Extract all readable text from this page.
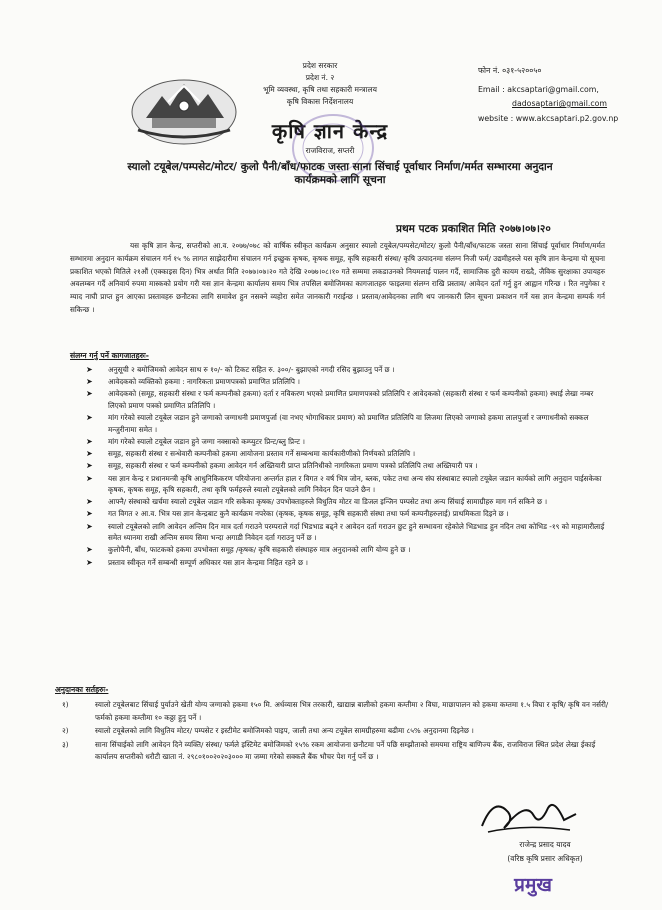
प्रदेश सरकार
प्रदेश नं. २
भूमि व्यवस्था, कृषि तथा सहकारी मन्त्रालय
कृषि विकास निर्देशनालय
कृषि ज्ञान केन्द्र
राजविराज, सप्तरी
फोन नं. ०३१-५२००५०
Email : akcsaptari@gmail.com,
dadosaptari@gmail.com
website : www.akcsaptari.p2.gov.np
स्यालो टयूबेल/पम्पसेट/मोटर/ कुलो पैनी/बाँध/फाटक जस्ता साना सिंचाई पूर्वाधार निर्माण/मर्मत सम्भारमा अनुदान
कार्यक्रमको लागि सूचना
प्रथम पटक प्रकाशित मिति २०७७।०७।२०
यस कृषि ज्ञान केन्द्र, सप्तरीको आ.व. २०७७/०७८ को वार्षिक स्वीकृत कार्यक्रम अनुसार स्यालो टयूबेल/पम्पसेट/मोटर/ कुलो पैनी/बाँध/फाटक जस्ता साना सिंचाई पूर्वाधार निर्माण/मर्मत सम्भारमा अनुदान कार्यक्रम संचालन गर्न १५ % लागत साझेदारीमा संचालन गर्न इच्छुक कृषक, कृषक समूह, कृषि सहकारी संस्था/ कृषि उत्पादनमा संलग्न निजी फर्म/ उद्यमीहरुले यस कृषि ज्ञान केन्द्रमा यो सूचना प्रकाशित भएको मितिले २१औं (एक्काइस दिन) भित्र अर्थात मिति २०७७।०७।२० गते देखि २०७७।०८।१० गते सम्ममा लकडाउनको नियमलाई पालन गर्दै, सामाजिक दुरी कायम राख्दै, जैविक सुरक्षाका उपायहरु अवलम्बन गर्दै अनिवार्य रुपमा मास्कको प्रयोग गरी यस ज्ञान केन्द्रमा कार्यालय समय भित्र तपसिल बमोजिमका कागजातहरु फाइलमा संलग्न राखि प्रस्ताव/ आवेदन दर्ता गर्नु हुन आह्वान गरिन्छ । रित नपुगेका र म्याद नाघी प्राप्त हुन आएका प्रस्तावहरु छनौटका लागि समावेश हुन नसक्ने व्यहोरा समेत जानकारी गराईन्छ । प्रस्ताव/आवेदनका लागि थप जानकारी लिन सूचना प्रकाशन गर्ने यस ज्ञान केन्द्रमा सम्पर्क गर्न सकिन्छ ।
संलग्न गर्नु पर्ने कागजातहरुः-
➤ अनुसूची २ बमोजिमको आवेदन साथ रु १०/- को टिकट सहित रु. ३००/- बुझाएको नगदी रसिद बुझाउनु पर्ने छ ।
➤ आवेदकको व्यक्तिको हकमा : नागरिकता प्रमाणपत्रको प्रमाणित प्रतिलिपि ।
➤ आवेदकको (समूह, सहकारी संस्था र फर्म कम्पनीको हकमा) दर्ता र नविकरण भएको प्रमाणित प्रमाणपत्रको प्रतिलिपि र आवेदकको (सहकारी संस्था र फर्म कम्पनीको हकमा) स्थाई लेखा नम्बर लिएको प्रमाण पत्रको प्रमाणित प्रतिलिपि ।
➤ मांग गरेको स्यालो टयूबेल जडान हुने जग्गाको जग्गाधनी प्रमाणपुर्जा (वा नभए भोगाधिकार प्रमाण) को प्रमाणित प्रतिलिपि वा लिजमा लिएको जग्गाको हकमा लालपुर्जा र जग्गाधनीको सक्कल मन्जुरीनामा समेत ।
➤ मांग गरेको स्यालो टयूबेल जडान हुने जग्गा नक्साको कम्प्युटर प्रिन्ट/ब्लु प्रिन्ट ।
➤ समूह, सहकारी संस्था र सन्धेवारी कम्पनीको हकमा आयोजना प्रस्ताव गर्ने सम्बन्धमा कार्यकारीणीको निर्णयको प्रतिलिपि ।
➤ समूह, सहकारी संस्था र फर्म कम्पनीको हकमा आवेदन गर्न अख्तियारी प्राप्त प्रतिनिधीको नागरिकता प्रमाण पत्रको प्रतिलिपि तथा अख्तियारी पत्र ।
➤ यस ज्ञान केन्द्र र प्रधानमन्त्री कृषि आधुनिकिकरण परियोजना अन्तर्गत हाल र विगत २ वर्ष भित्र जोन, ब्लक, पकेट तथा अन्य संघ संस्थाबाट स्यालो टयूबेल जडान कार्यको लागि अनुदान पाईसकेका कृषक, कृषक समूह, कृषि सहकारी, तथा कृषि फर्महरुले स्यालो टयूबेलको लागि निवेदन दिन पाउने छैन ।
➤ आफ्नै/ संस्थाको खर्चमा स्यालो टयूबेल जडान गरि सकेका कृषक/ उपभोक्ताहरुले विधुतिय मोटर वा डिजल इन्जिन पम्पसेट तथा अन्य सिंचाई सामाग्रीहरु माग गर्न सकिने छ ।
➤ गत विगत २ आ.व. भित्र यस ज्ञान केन्द्रबाट कुनै कार्यक्रम नपरेका (कृषक, कृषक समूह, कृषि सहकारी संस्था तथा फर्म कम्पनीहरुलाई) प्राथमिकता दिइने छ ।
➤ स्यालो टयूबेलको लागि आवेदन अन्तिम दिन मात्र दर्ता गराउने परम्पराले गर्दा भिडभाड बढ्ने र आवेदन दर्ता गराउन छुट हुने सम्भावना रहेकोले भिडभाड हुन नदिन तथा कोभिड -१९ को माहामारीलाई समेत ध्यानमा राखी अन्तिम समय सिमा भन्दा अगाडी निवेदन दर्ता गराउनु पर्ने छ ।
➤ कुलोपैनी, बाँध, फाटकको हकमा उपभोक्ता समूह /कृषक/ कृषि सहकारी संस्थाहरु मात्र अनुदानको लागि योग्य हुने छ ।
➤ प्रस्ताव स्वीकृत गर्ने सम्बन्धी सम्पूर्ण अधिकार यस ज्ञान केन्द्रमा निहित रहने छ ।
अनुदानका सर्तहरुः-
१)	स्यालो टयूबेलबाट सिंचाई पुर्याउने खेती योग्य जग्गाको हकमा १५० मि. अर्धव्यास भित्र तरकारी, खाद्यान्न बालीको हकमा कम्तीमा २ विघा, माछापालन को हकमा कम्तमा १.५ विघा र कृषि/ कृषि वन नर्सरी/ फर्मको हकमा कम्तीमा १० कठ्ठा हुनु पर्ने ।
२)	स्यालो टयूबेलको लागि विधुतिय मोटर/ पम्पसेट र इस्टीमेट बमोजिमको पाइप, जाली तथा अन्य टयूबेल सामग्रीहरुमा बढीमा ८५% अनुदानमा दिइनेछ ।
३)	साना सिंचाईको लागि आवेदन दिने व्यक्ति/ संस्था/ फर्मले इस्टिमेट बमोजिमको १५% रकम आयोजना छनौटमा पर्ने पछि सम्झौताको समयमा राष्ट्रिय बाणिज्य बैंक, राजविराज स्थित प्रदेश लेखा ईकाई कार्यालय सप्तरीको धरौटी खाता नं. २९८०१००२०२०३००० मा जम्मा गरेको सक्कलै बैंक भौचर पेश गर्नु पर्ने छ ।
राजेन्द्र प्रसाद यादव
(वरिष्ठ कृषि प्रसार अधिकृत)
प्रमुख
